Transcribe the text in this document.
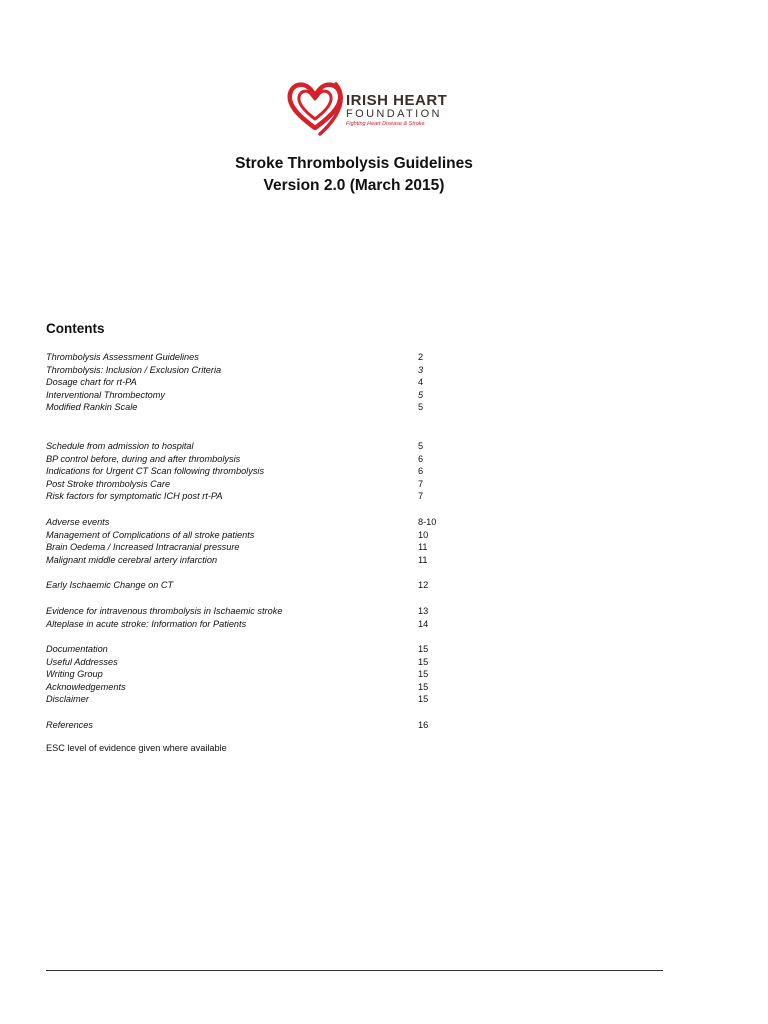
IRISH HEART
FOUNDATION
Fighting Heart Disease & Stroke
Stroke Thrombolysis Guidelines
Version 2.0 (March 2015)
Contents
Thrombolysis Assessment Guidelines	2
Thrombolysis: Inclusion / Exclusion Criteria	3
Dosage chart for rt-PA	4
Interventional Thrombectomy	5
Modified Rankin Scale	5
Schedule from admission to hospital	5
BP control before, during and after thrombolysis	6
Indications for Urgent CT Scan following thrombolysis	6
Post Stroke thrombolysis Care	7
Risk factors for symptomatic ICH post rt-PA	7
Adverse events	8-10
Management of Complications of all stroke patients	10
Brain Oedema / Increased Intracranial pressure	11
Malignant middle cerebral artery infarction	11
Early Ischaemic Change on CT	12
Evidence for intravenous thrombolysis in Ischaemic stroke	13
Alteplase in acute stroke: Information for Patients	14
Documentation	15
Useful Addresses	15
Writing Group	15
Acknowledgements	15
Disclaimer	15
References	16
ESC level of evidence given where available
